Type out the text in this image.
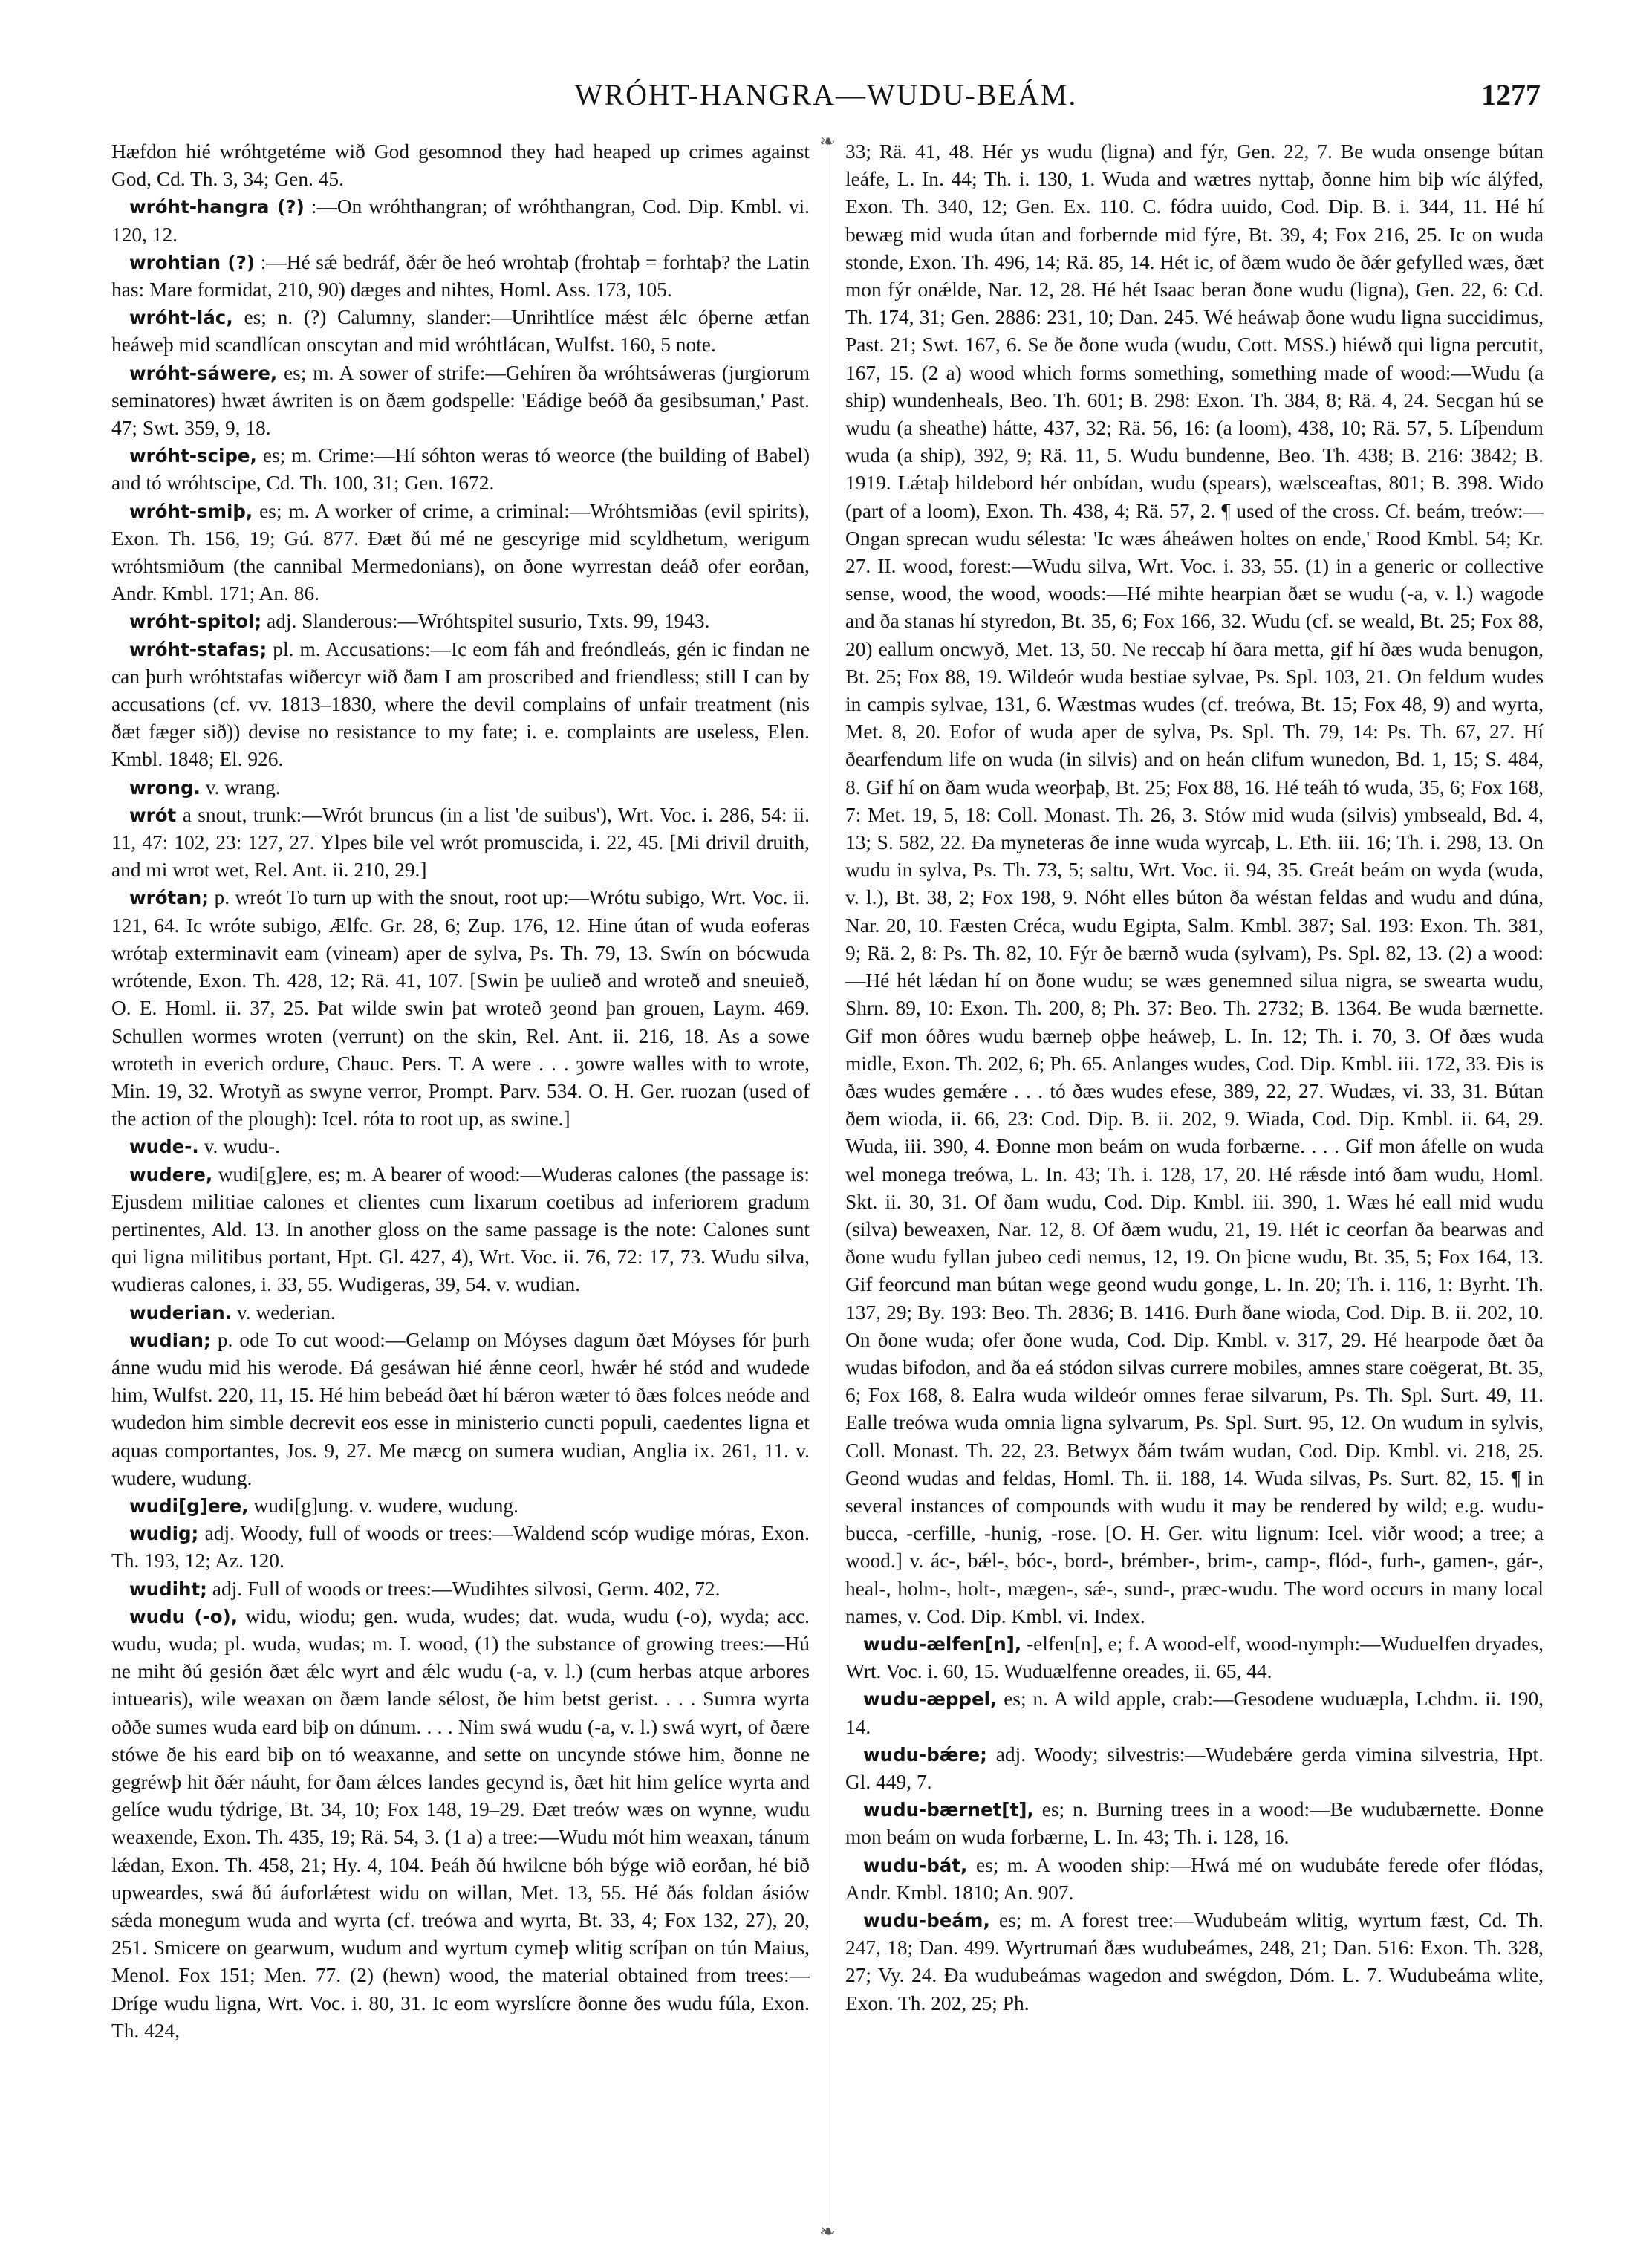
WRÓHT-HANGRA—WUDU-BEÁM.	1277
❧
❧

Hæfdon hié wróhtgetéme wið God gesomnod they had heaped up crimes against God, Cd. Th. 3, 34; Gen. 45.

wróht-hangra (?) :—On wróhthangran; of wróhthangran, Cod. Dip. Kmbl. vi. 120, 12.

wrohtian (?) :—Hé sǽ bedráf, ðǽr ðe heó wrohtaþ (frohtaþ = forhtaþ? the Latin has: Mare formidat, 210, 90) dæges and nihtes, Homl. Ass. 173, 105.

wróht-lác, es; n. (?) Calumny, slander:—Unrihtlíce mǽst ǽlc óþerne ætfan heáweþ mid scandlícan onscytan and mid wróhtlácan, Wulfst. 160, 5 note.

wróht-sáwere, es; m. A sower of strife:—Gehíren ða wróhtsáweras (jurgiorum seminatores) hwæt áwriten is on ðæm godspelle: 'Eádige beóð ða gesibsuman,' Past. 47; Swt. 359, 9, 18.

wróht-scipe, es; m. Crime:—Hí sóhton weras tó weorce (the building of Babel) and tó wróhtscipe, Cd. Th. 100, 31; Gen. 1672.

wróht-smiþ, es; m. A worker of crime, a criminal:—Wróhtsmiðas (evil spirits), Exon. Th. 156, 19; Gú. 877. Ðæt ðú mé ne gescyrige mid scyldhetum, werigum wróhtsmiðum (the cannibal Mermedonians), on ðone wyrrestan deáð ofer eorðan, Andr. Kmbl. 171; An. 86.

wróht-spitol; adj. Slanderous:—Wróhtspitel susurio, Txts. 99, 1943.

wróht-stafas; pl. m. Accusations:—Ic eom fáh and freóndleás, gén ic findan ne can þurh wróhtstafas wiðercyr wið ðam I am proscribed and friendless; still I can by accusations (cf. vv. 1813–1830, where the devil complains of unfair treatment (nis ðæt fæger sið)) devise no resistance to my fate; i. e. complaints are useless, Elen. Kmbl. 1848; El. 926.

wrong. v. wrang.

wrót a snout, trunk:—Wrót bruncus (in a list 'de suibus'), Wrt. Voc. i. 286, 54: ii. 11, 47: 102, 23: 127, 27. Ylpes bile vel wrót promuscida, i. 22, 45. [Mi drivil druith, and mi wrot wet, Rel. Ant. ii. 210, 29.]

wrótan; p. wreót To turn up with the snout, root up:—Wrótu subigo, Wrt. Voc. ii. 121, 64. Ic wróte subigo, Ælfc. Gr. 28, 6; Zup. 176, 12. Hine útan of wuda eoferas wrótaþ exterminavit eam (vineam) aper de sylva, Ps. Th. 79, 13. Swín on bócwuda wrótende, Exon. Th. 428, 12; Rä. 41, 107. [Swin þe uulieð and wroteð and sneuieð, O. E. Homl. ii. 37, 25. Þat wilde swin þat wroteð ȝeond þan grouen, Laym. 469. Schullen wormes wroten (verrunt) on the skin, Rel. Ant. ii. 216, 18. As a sowe wroteth in everich ordure, Chauc. Pers. T. A were . . . ȝowre walles with to wrote, Min. 19, 32. Wrotyñ as swyne verror, Prompt. Parv. 534. O. H. Ger. ruozan (used of the action of the plough): Icel. róta to root up, as swine.]

wude-. v. wudu-.

wudere, wudi[g]ere, es; m. A bearer of wood:—Wuderas calones (the passage is: Ejusdem militiae calones et clientes cum lixarum coetibus ad inferiorem gradum pertinentes, Ald. 13. In another gloss on the same passage is the note: Calones sunt qui ligna militibus portant, Hpt. Gl. 427, 4), Wrt. Voc. ii. 76, 72: 17, 73. Wudu silva, wudieras calones, i. 33, 55. Wudigeras, 39, 54. v. wudian.

wuderian. v. wederian.

wudian; p. ode To cut wood:—Gelamp on Móyses dagum ðæt Móyses fór þurh ánne wudu mid his werode. Ðá gesáwan hié ǽnne ceorl, hwǽr hé stód and wudede him, Wulfst. 220, 11, 15. Hé him bebeád ðæt hí bǽron wæter tó ðæs folces neóde and wudedon him simble decrevit eos esse in ministerio cuncti populi, caedentes ligna et aquas comportantes, Jos. 9, 27. Me mæcg on sumera wudian, Anglia ix. 261, 11. v. wudere, wudung.

wudi[g]ere, wudi[g]ung. v. wudere, wudung.

wudig; adj. Woody, full of woods or trees:—Waldend scóp wudige móras, Exon. Th. 193, 12; Az. 120.

wudiht; adj. Full of woods or trees:—Wudihtes silvosi, Germ. 402, 72.

wudu (-o), widu, wiodu; gen. wuda, wudes; dat. wuda, wudu (-o), wyda; acc. wudu, wuda; pl. wuda, wudas; m. I. wood, (1) the substance of growing trees:—Hú ne miht ðú gesión ðæt ǽlc wyrt and ǽlc wudu (-a, v. l.) (cum herbas atque arbores intuearis), wile weaxan on ðæm lande sélost, ðe him betst gerist. . . . Sumra wyrta oððe sumes wuda eard biþ on dúnum. . . . Nim swá wudu (-a, v. l.) swá wyrt, of ðære stówe ðe his eard biþ on tó weaxanne, and sette on uncynde stówe him, ðonne ne gegréwþ hit ðǽr náuht, for ðam ǽlces landes gecynd is, ðæt hit him gelíce wyrta and gelíce wudu týdrige, Bt. 34, 10; Fox 148, 19–29. Ðæt treów wæs on wynne, wudu weaxende, Exon. Th. 435, 19; Rä. 54, 3. (1 a) a tree:—Wudu mót him weaxan, tánum lǽdan, Exon. Th. 458, 21; Hy. 4, 104. Þeáh ðú hwilcne bóh býge wið eorðan, hé bið upweardes, swá ðú áuforlǽtest widu on willan, Met. 13, 55. Hé ðás foldan ásiów sǽda monegum wuda and wyrta (cf. treówa and wyrta, Bt. 33, 4; Fox 132, 27), 20, 251. Smicere on gearwum, wudum and wyrtum cymeþ wlitig scríþan on tún Maius, Menol. Fox 151; Men. 77. (2) (hewn) wood, the material obtained from trees:—Dríge wudu ligna, Wrt. Voc. i. 80, 31. Ic eom wyrslícre ðonne ðes wudu fúla, Exon. Th. 424,

33; Rä. 41, 48. Hér ys wudu (ligna) and fýr, Gen. 22, 7. Be wuda onsenge bútan leáfe, L. In. 44; Th. i. 130, 1. Wuda and wætres nyttaþ, ðonne him biþ wíc álýfed, Exon. Th. 340, 12; Gen. Ex. 110. C. fódra uuido, Cod. Dip. B. i. 344, 11. Hé hí bewæg mid wuda útan and forbernde mid fýre, Bt. 39, 4; Fox 216, 25. Ic on wuda stonde, Exon. Th. 496, 14; Rä. 85, 14. Hét ic, of ðæm wudo ðe ðǽr gefylled wæs, ðæt mon fýr onǽlde, Nar. 12, 28. Hé hét Isaac beran ðone wudu (ligna), Gen. 22, 6: Cd. Th. 174, 31; Gen. 2886: 231, 10; Dan. 245. Wé heáwaþ ðone wudu ligna succidimus, Past. 21; Swt. 167, 6. Se ðe ðone wuda (wudu, Cott. MSS.) hiéwð qui ligna percutit, 167, 15. (2 a) wood which forms something, something made of wood:—Wudu (a ship) wundenheals, Beo. Th. 601; B. 298: Exon. Th. 384, 8; Rä. 4, 24. Secgan hú se wudu (a sheathe) hátte, 437, 32; Rä. 56, 16: (a loom), 438, 10; Rä. 57, 5. Líþendum wuda (a ship), 392, 9; Rä. 11, 5. Wudu bundenne, Beo. Th. 438; B. 216: 3842; B. 1919. Lǽtaþ hildebord hér onbídan, wudu (spears), wælsceaftas, 801; B. 398. Wido (part of a loom), Exon. Th. 438, 4; Rä. 57, 2. ¶ used of the cross. Cf. beám, treów:—Ongan sprecan wudu sélesta: 'Ic wæs áheáwen holtes on ende,' Rood Kmbl. 54; Kr. 27. II. wood, forest:—Wudu silva, Wrt. Voc. i. 33, 55. (1) in a generic or collective sense, wood, the wood, woods:—Hé mihte hearpian ðæt se wudu (-a, v. l.) wagode and ða stanas hí styredon, Bt. 35, 6; Fox 166, 32. Wudu (cf. se weald, Bt. 25; Fox 88, 20) eallum oncwyð, Met. 13, 50. Ne reccaþ hí ðara metta, gif hí ðæs wuda benugon, Bt. 25; Fox 88, 19. Wildeór wuda bestiae sylvae, Ps. Spl. 103, 21. On feldum wudes in campis sylvae, 131, 6. Wæstmas wudes (cf. treówa, Bt. 15; Fox 48, 9) and wyrta, Met. 8, 20. Eofor of wuda aper de sylva, Ps. Spl. Th. 79, 14: Ps. Th. 67, 27. Hí ðearfendum life on wuda (in silvis) and on heán clifum wunedon, Bd. 1, 15; S. 484, 8. Gif hí on ðam wuda weorþaþ, Bt. 25; Fox 88, 16. Hé teáh tó wuda, 35, 6; Fox 168, 7: Met. 19, 5, 18: Coll. Monast. Th. 26, 3. Stów mid wuda (silvis) ymbseald, Bd. 4, 13; S. 582, 22. Ða myneteras ðe inne wuda wyrcaþ, L. Eth. iii. 16; Th. i. 298, 13. On wudu in sylva, Ps. Th. 73, 5; saltu, Wrt. Voc. ii. 94, 35. Greát beám on wyda (wuda, v. l.), Bt. 38, 2; Fox 198, 9. Nóht elles búton ða wéstan feldas and wudu and dúna, Nar. 20, 10. Fæsten Créca, wudu Egipta, Salm. Kmbl. 387; Sal. 193: Exon. Th. 381, 9; Rä. 2, 8: Ps. Th. 82, 10. Fýr ðe bærnð wuda (sylvam), Ps. Spl. 82, 13. (2) a wood:—Hé hét lǽdan hí on ðone wudu; se wæs genemned silua nigra, se swearta wudu, Shrn. 89, 10: Exon. Th. 200, 8; Ph. 37: Beo. Th. 2732; B. 1364. Be wuda bærnette. Gif mon óðres wudu bærneþ oþþe heáweþ, L. In. 12; Th. i. 70, 3. Of ðæs wuda midle, Exon. Th. 202, 6; Ph. 65. Anlanges wudes, Cod. Dip. Kmbl. iii. 172, 33. Ðis is ðæs wudes gemǽre . . . tó ðæs wudes efese, 389, 22, 27. Wudæs, vi. 33, 31. Bútan ðem wioda, ii. 66, 23: Cod. Dip. B. ii. 202, 9. Wiada, Cod. Dip. Kmbl. ii. 64, 29. Wuda, iii. 390, 4. Ðonne mon beám on wuda forbærne. . . . Gif mon áfelle on wuda wel monega treówa, L. In. 43; Th. i. 128, 17, 20. Hé rǽsde intó ðam wudu, Homl. Skt. ii. 30, 31. Of ðam wudu, Cod. Dip. Kmbl. iii. 390, 1. Wæs hé eall mid wudu (silva) beweaxen, Nar. 12, 8. Of ðæm wudu, 21, 19. Hét ic ceorfan ða bearwas and ðone wudu fyllan jubeo cedi nemus, 12, 19. On þicne wudu, Bt. 35, 5; Fox 164, 13. Gif feorcund man bútan wege geond wudu gonge, L. In. 20; Th. i. 116, 1: Byrht. Th. 137, 29; By. 193: Beo. Th. 2836; B. 1416. Ðurh ðane wioda, Cod. Dip. B. ii. 202, 10. On ðone wuda; ofer ðone wuda, Cod. Dip. Kmbl. v. 317, 29. Hé hearpode ðæt ða wudas bifodon, and ða eá stódon silvas currere mobiles, amnes stare coëgerat, Bt. 35, 6; Fox 168, 8. Ealra wuda wildeór omnes ferae silvarum, Ps. Th. Spl. Surt. 49, 11. Ealle treówa wuda omnia ligna sylvarum, Ps. Spl. Surt. 95, 12. On wudum in sylvis, Coll. Monast. Th. 22, 23. Betwyx ðám twám wudan, Cod. Dip. Kmbl. vi. 218, 25. Geond wudas and feldas, Homl. Th. ii. 188, 14. Wuda silvas, Ps. Surt. 82, 15. ¶ in several instances of compounds with wudu it may be rendered by wild; e.g. wudu-bucca, -cerfille, -hunig, -rose. [O. H. Ger. witu lignum: Icel. viðr wood; a tree; a wood.] v. ác-, bǽl-, bóc-, bord-, brémber-, brim-, camp-, flód-, furh-, gamen-, gár-, heal-, holm-, holt-, mægen-, sǽ-, sund-, præc-wudu. The word occurs in many local names, v. Cod. Dip. Kmbl. vi. Index.

wudu-ælfen[n], -elfen[n], e; f. A wood-elf, wood-nymph:—Wuduelfen dryades, Wrt. Voc. i. 60, 15. Wuduælfenne oreades, ii. 65, 44.

wudu-æppel, es; n. A wild apple, crab:—Gesodene wuduæpla, Lchdm. ii. 190, 14.

wudu-bǽre; adj. Woody; silvestris:—Wudebǽre gerda vimina silvestria, Hpt. Gl. 449, 7.

wudu-bærnet[t], es; n. Burning trees in a wood:—Be wudubærnette. Ðonne mon beám on wuda forbærne, L. In. 43; Th. i. 128, 16.

wudu-bát, es; m. A wooden ship:—Hwá mé on wudubáte ferede ofer flódas, Andr. Kmbl. 1810; An. 907.

wudu-beám, es; m. A forest tree:—Wudubeám wlitig, wyrtum fæst, Cd. Th. 247, 18; Dan. 499. Wyrtrumań ðæs wudubeámes, 248, 21; Dan. 516: Exon. Th. 328, 27; Vy. 24. Ða wudubeámas wagedon and swégdon, Dóm. L. 7. Wudubeáma wlite, Exon. Th. 202, 25; Ph.
